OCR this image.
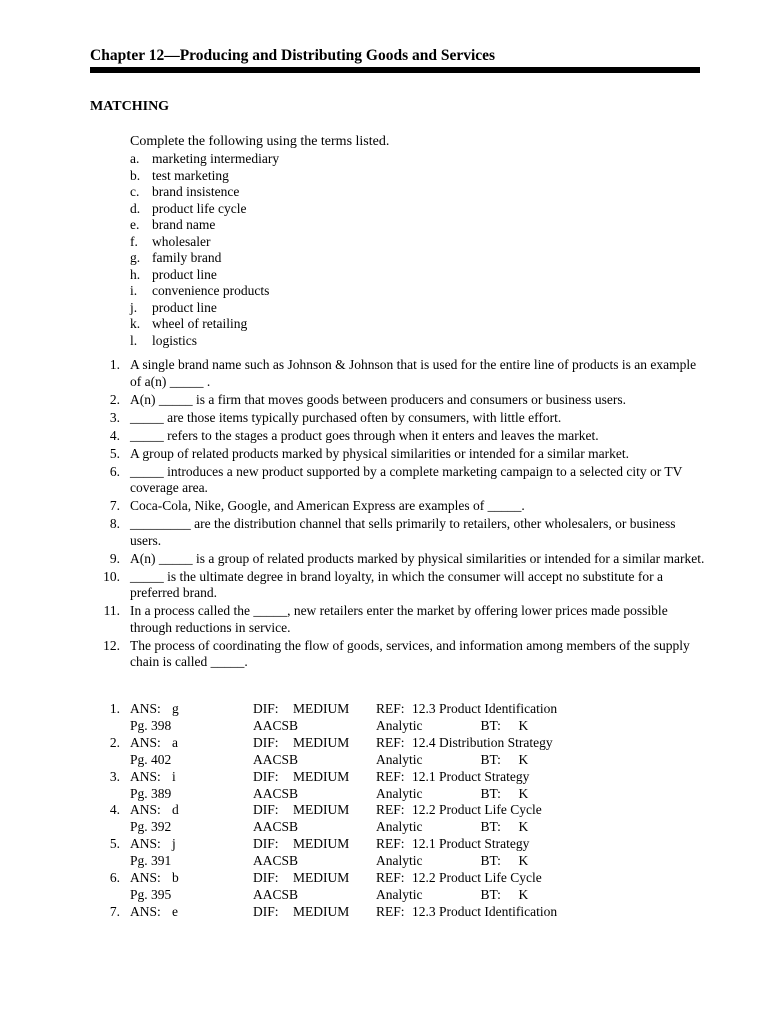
Chapter 12—Producing and Distributing Goods and Services
MATCHING
Complete the following using the terms listed.
a. marketing intermediary
b. test marketing
c. brand insistence
d. product life cycle
e. brand name
f. wholesaler
g. family brand
h. product line
i. convenience products
j. product line
k. wheel of retailing
l. logistics
1. A single brand name such as Johnson & Johnson that is used for the entire line of products is an example of a(n) _____ .
2. A(n) _____ is a firm that moves goods between producers and consumers or business users.
3. _____ are those items typically purchased often by consumers, with little effort.
4. _____ refers to the stages a product goes through when it enters and leaves the market.
5. A group of related products marked by physical similarities or intended for a similar market.
6. _____ introduces a new product supported by a complete marketing campaign to a selected city or TV coverage area.
7. Coca-Cola, Nike, Google, and American Express are examples of _____.
8. _________ are the distribution channel that sells primarily to retailers, other wholesalers, or business users.
9. A(n) _____ is a group of related products marked by physical similarities or intended for a similar market.
10. _____ is the ultimate degree in brand loyalty, in which the consumer will accept no substitute for a preferred brand.
11. In a process called the _____, new retailers enter the market by offering lower prices made possible through reductions in service.
12. The process of coordinating the flow of goods, services, and information among members of the supply chain is called _____.
1.		ANS: g	DIF: MEDIUM	REF: 12.3 Product Identification
		Pg. 398	AACSB	Analytic BT: K
2.		ANS: a	DIF: MEDIUM	REF: 12.4 Distribution Strategy
		Pg. 402	AACSB	Analytic BT: K
3.		ANS: i	DIF: MEDIUM	REF: 12.1 Product Strategy
		Pg. 389	AACSB	Analytic BT: K
4.		ANS: d	DIF: MEDIUM	REF: 12.2 Product Life Cycle
		Pg. 392	AACSB	Analytic BT: K
5.		ANS: j	DIF: MEDIUM	REF: 12.1 Product Strategy
		Pg. 391	AACSB	Analytic BT: K
6.		ANS: b	DIF: MEDIUM	REF: 12.2 Product Life Cycle
		Pg. 395	AACSB	Analytic BT: K
7.		ANS: e	DIF: MEDIUM	REF: 12.3 Product Identification
